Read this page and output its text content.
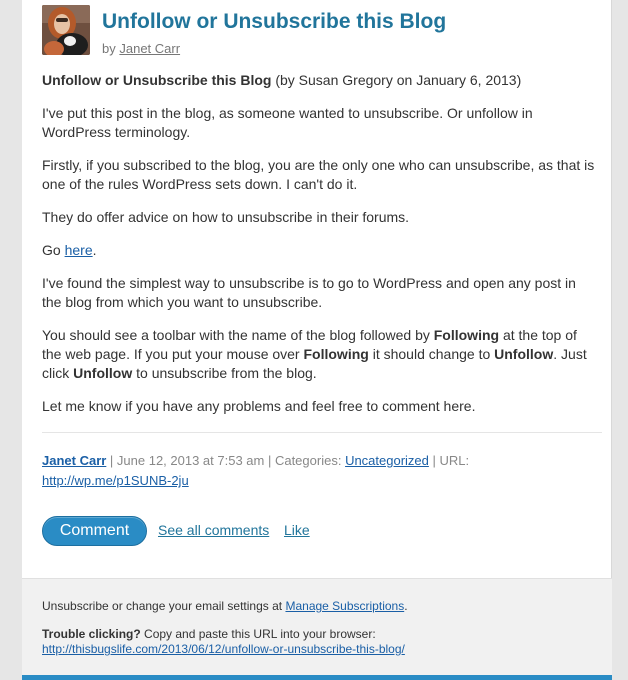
Unfollow or Unsubscribe this Blog
by Janet Carr

Unfollow or Unsubscribe this Blog (by Susan Gregory on January 6, 2013)

I've put this post in the blog, as someone wanted to unsubscribe. Or unfollow in WordPress terminology.

Firstly, if you subscribed to the blog, you are the only one who can unsubscribe, as that is one of the rules WordPress sets down. I can't do it.

They do offer advice on how to unsubscribe in their forums.

Go here.

I've found the simplest way to unsubscribe is to go to WordPress and open any post in the blog from which you want to unsubscribe.

You should see a toolbar with the name of the blog followed by Following at the top of the web page. If you put your mouse over Following it should change to Unfollow. Just click Unfollow to unsubscribe from the blog.

Let me know if you have any problems and feel free to comment here.

Janet Carr | June 12, 2013 at 7:53 am | Categories: Uncategorized | URL:
http://wp.me/p1SUNB-2ju
Comment	See all comments Like
Unsubscribe or change your email settings at Manage Subscriptions.
Trouble clicking? Copy and paste this URL into your browser:
http://thisbugslife.com/2013/06/12/unfollow-or-unsubscribe-this-blog/
